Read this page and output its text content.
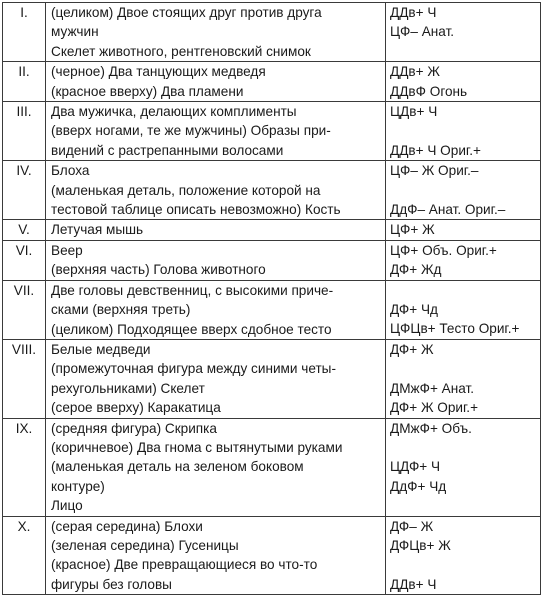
I.	(целиком) Двое стоящих друг против друга
мужчин
Скелет животного, рентгеновский снимок	ДДв+ Ч
ЦФ– Анат.

II.	(черное) Два танцующих медведя
(красное вверху) Два пламени	ДДв+ Ж
ДДвФ Огонь

III.	Два мужичка, делающих комплименты
(вверх ногами, те же мужчины) Образы при-
видений с растрепанными волосами	ЦДв+ Ч
ДДв+ Ч Ориг.+

IV.	Блоха
(маленькая деталь, положение которой на
тестовой таблице описать невозможно) Кость	ЦФ– Ж Ориг.–
ДдФ– Анат. Ориг.–

V.	Летучая мышь	ЦФ+ Ж

VI.	Веер
(верхняя часть) Голова животного	ЦФ+ Объ. Ориг.+
ДФ+ Жд

VII.	Две головы девственниц, с высокими приче-
сками (верхняя треть)
(целиком) Подходящее вверх сдобное тесто	ДФ+ Чд
ЦФЦв+ Тесто Ориг.+

VIII.	Белые медведи
(промежуточная фигура между синими четы-
рехугольниками) Скелет
(серое вверху) Каракатица	ДФ+ Ж
ДМжФ+ Анат.
ДФ+ Ж Ориг.+

IX.	(средняя фигура) Скрипка
(коричневое) Два гнома с вытянутыми руками
(маленькая деталь на зеленом боковом
контуре)
Лицо	ДМжФ+ Объ.
ЦДФ+ Ч
ДдФ+ Чд

X.	(серая середина) Блохи
(зеленая середина) Гусеницы
(красное) Две превращающиеся во что-то
фигуры без головы	ДФ– Ж
ДФЦв+ Ж
ДДв+ Ч
